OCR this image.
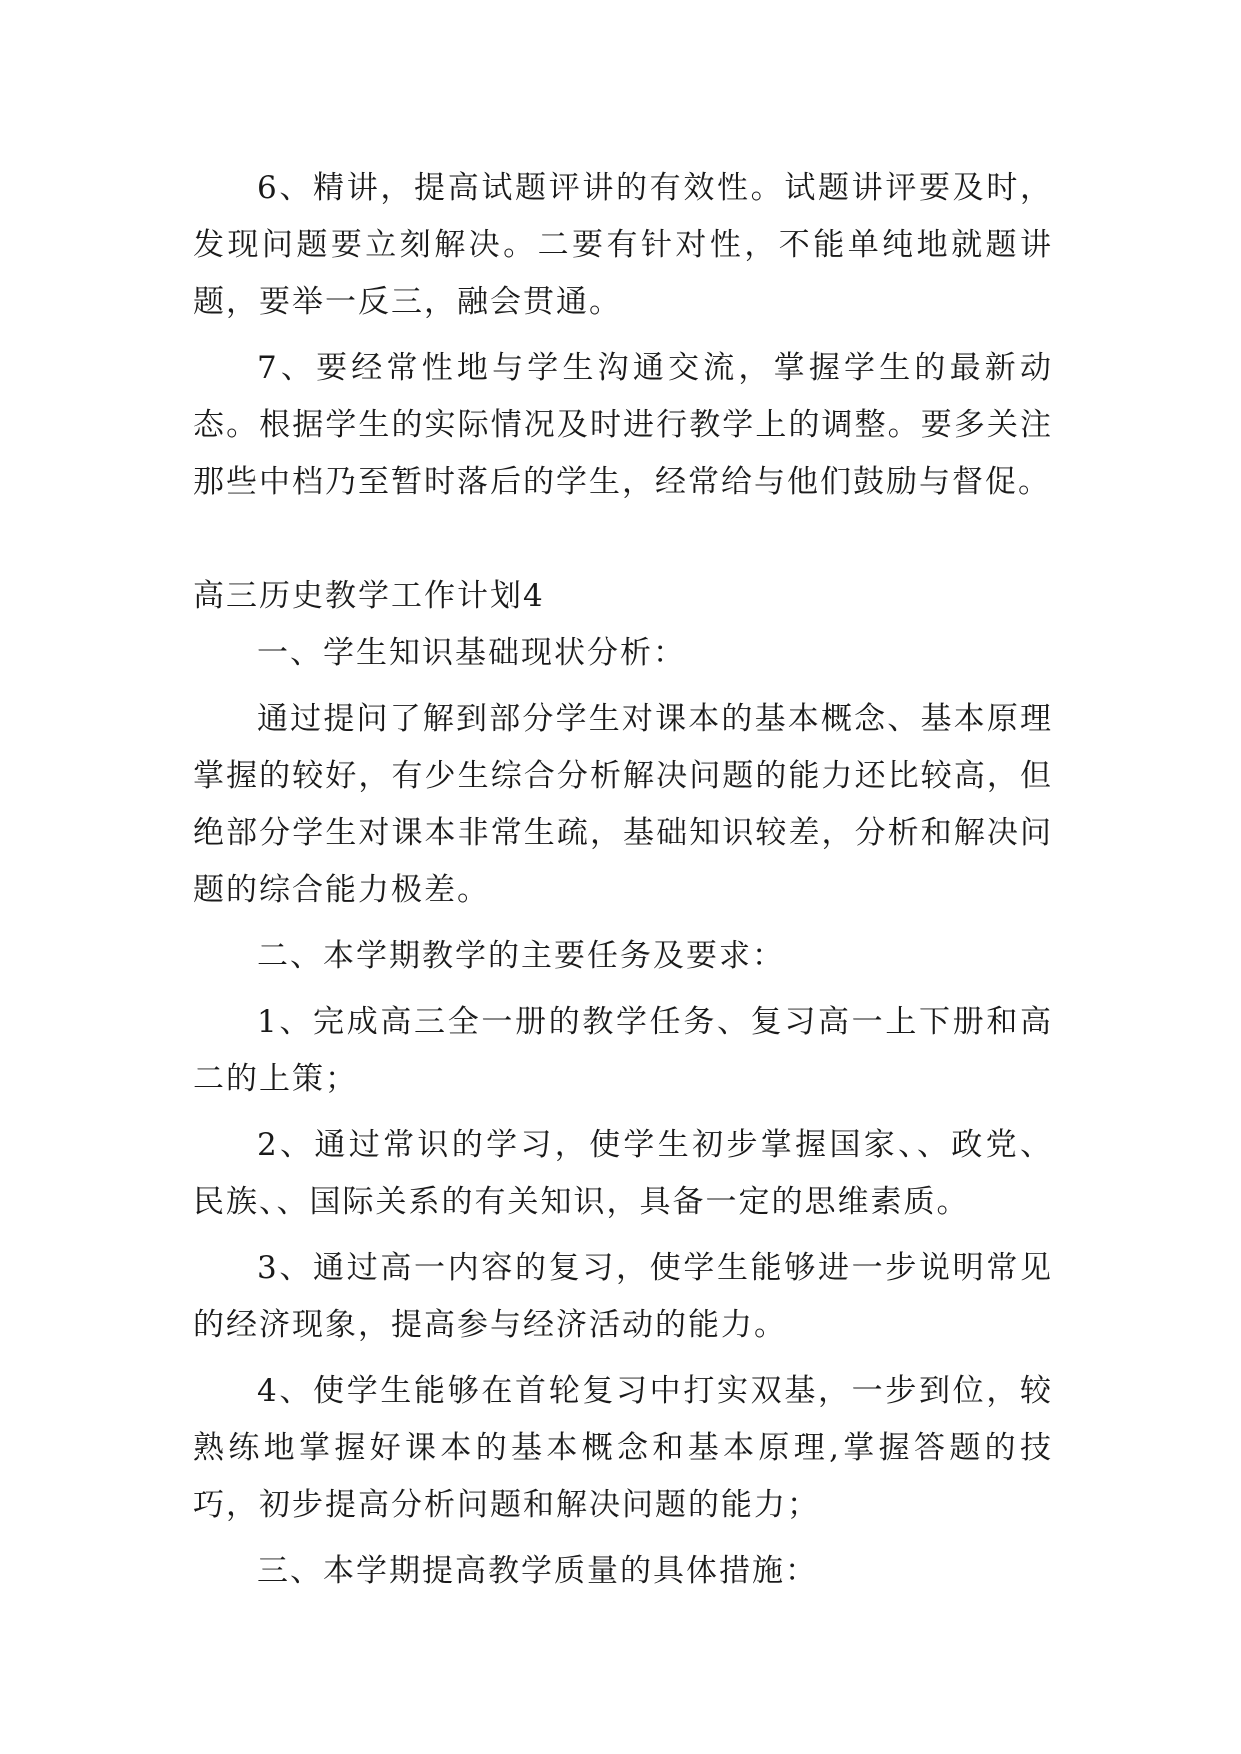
6、精讲，提高试题评讲的有效性。试题讲评要及时，发现问题要立刻解决。二要有针对性，不能单纯地就题讲题，要举一反三，融会贯通。

7、要经常性地与学生沟通交流，掌握学生的最新动态。根据学生的实际情况及时进行教学上的调整。要多关注那些中档乃至暂时落后的学生，经常给与他们鼓励与督促。

高三历史教学工作计划4

一、学生知识基础现状分析：

通过提问了解到部分学生对课本的基本概念、基本原理掌握的较好，有少生综合分析解决问题的能力还比较高，但绝部分学生对课本非常生疏，基础知识较差，分析和解决问题的综合能力极差。

二、本学期教学的主要任务及要求：

1、完成高三全一册的教学任务、复习高一上下册和高二的上策；

2、通过常识的学习，使学生初步掌握国家、、政党、民族、、国际关系的有关知识，具备一定的思维素质。

3、通过高一内容的复习，使学生能够进一步说明常见的经济现象，提高参与经济活动的能力。

4、使学生能够在首轮复习中打实双基，一步到位，较熟练地掌握好课本的基本概念和基本原理,掌握答题的技巧，初步提高分析问题和解决问题的能力；

三、本学期提高教学质量的具体措施：
